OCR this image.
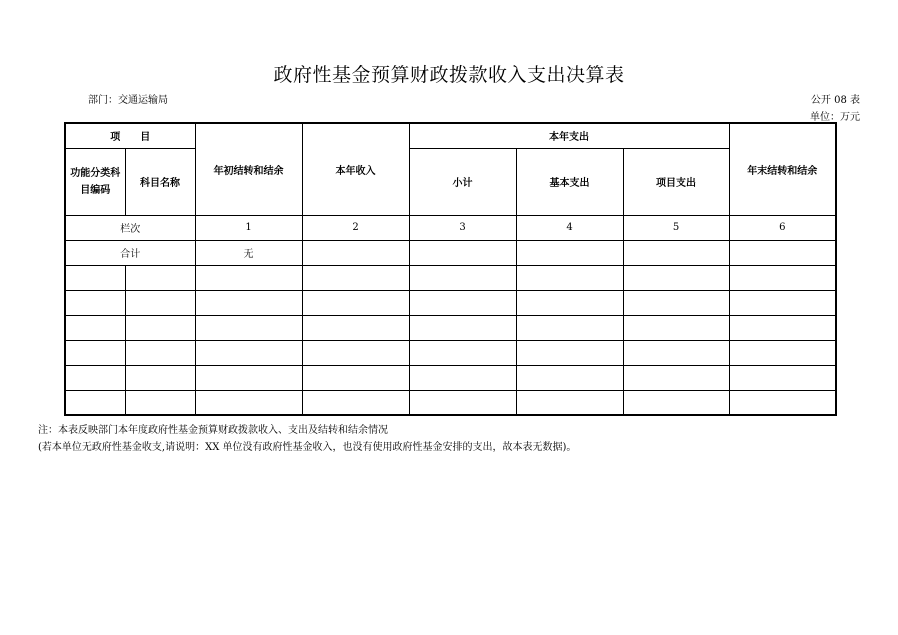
政府性基金预算财政拨款收入支出决算表
部门：交通运输局	公开 08 表
单位：万元
项　　目		年初结转和结余	本年收入	本年支出			年末结转和结余
功能分类科目编码	科目名称			小计	基本支出	项目支出	
栏次		1	2	3	4	5	6
合计		无					

注：本表反映部门本年度政府性基金预算财政拨款收入、支出及结转和结余情况
(若本单位无政府性基金收支,请说明：XX 单位没有政府性基金收入，也没有使用政府性基金安排的支出，故本表无数据)。
